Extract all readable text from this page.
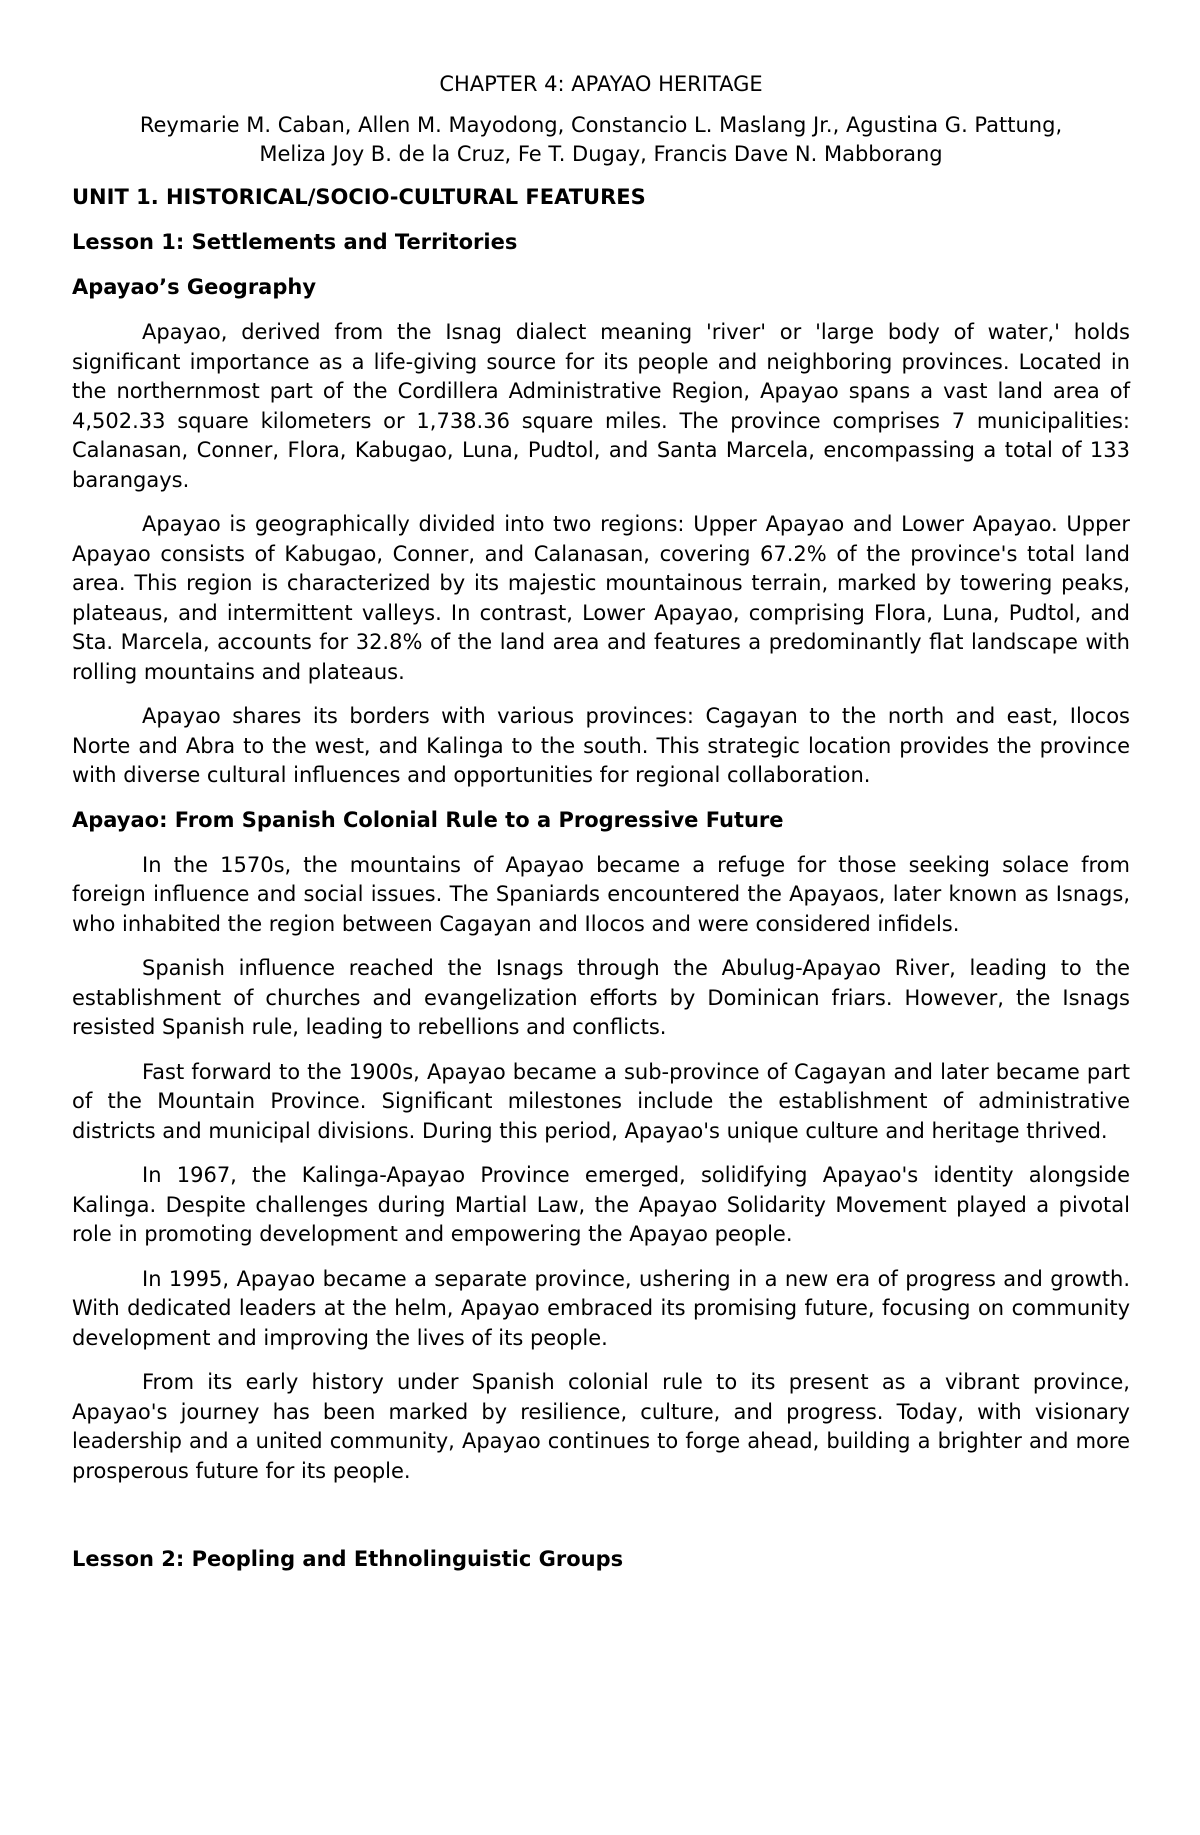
CHAPTER 4: APAYAO HERITAGE
Reymarie M. Caban, Allen M. Mayodong, Constancio L. Maslang Jr., Agustina G. Pattung,
Meliza Joy B. de la Cruz, Fe T. Dugay, Francis Dave N. Mabborang
UNIT 1. HISTORICAL/SOCIO-CULTURAL FEATURES
Lesson 1: Settlements and Territories
Apayao’s Geography

Apayao, derived from the Isnag dialect meaning 'river' or 'large body of water,' holds significant importance as a life-giving source for its people and neighboring provinces. Located in the northernmost part of the Cordillera Administrative Region, Apayao spans a vast land area of 4,502.33 square kilometers or 1,738.36 square miles. The province comprises 7 municipalities: Calanasan, Conner, Flora, Kabugao, Luna, Pudtol, and Santa Marcela, encompassing a total of 133 barangays.

Apayao is geographically divided into two regions: Upper Apayao and Lower Apayao. Upper Apayao consists of Kabugao, Conner, and Calanasan, covering 67.2% of the province's total land area. This region is characterized by its majestic mountainous terrain, marked by towering peaks, plateaus, and intermittent valleys. In contrast, Lower Apayao, comprising Flora, Luna, Pudtol, and Sta. Marcela, accounts for 32.8% of the land area and features a predominantly flat landscape with rolling mountains and plateaus.

Apayao shares its borders with various provinces: Cagayan to the north and east, Ilocos Norte and Abra to the west, and Kalinga to the south. This strategic location provides the province with diverse cultural influences and opportunities for regional collaboration.

Apayao: From Spanish Colonial Rule to a Progressive Future

In the 1570s, the mountains of Apayao became a refuge for those seeking solace from foreign influence and social issues. The Spaniards encountered the Apayaos, later known as Isnags, who inhabited the region between Cagayan and Ilocos and were considered infidels.

Spanish influence reached the Isnags through the Abulug-Apayao River, leading to the establishment of churches and evangelization efforts by Dominican friars. However, the Isnags resisted Spanish rule, leading to rebellions and conflicts.

Fast forward to the 1900s, Apayao became a sub-province of Cagayan and later became part of the Mountain Province. Significant milestones include the establishment of administrative districts and municipal divisions. During this period, Apayao's unique culture and heritage thrived.

In 1967, the Kalinga-Apayao Province emerged, solidifying Apayao's identity alongside Kalinga. Despite challenges during Martial Law, the Apayao Solidarity Movement played a pivotal role in promoting development and empowering the Apayao people.

In 1995, Apayao became a separate province, ushering in a new era of progress and growth. With dedicated leaders at the helm, Apayao embraced its promising future, focusing on community development and improving the lives of its people.

From its early history under Spanish colonial rule to its present as a vibrant province, Apayao's journey has been marked by resilience, culture, and progress. Today, with visionary leadership and a united community, Apayao continues to forge ahead, building a brighter and more prosperous future for its people.

Lesson 2: Peopling and Ethnolinguistic Groups
